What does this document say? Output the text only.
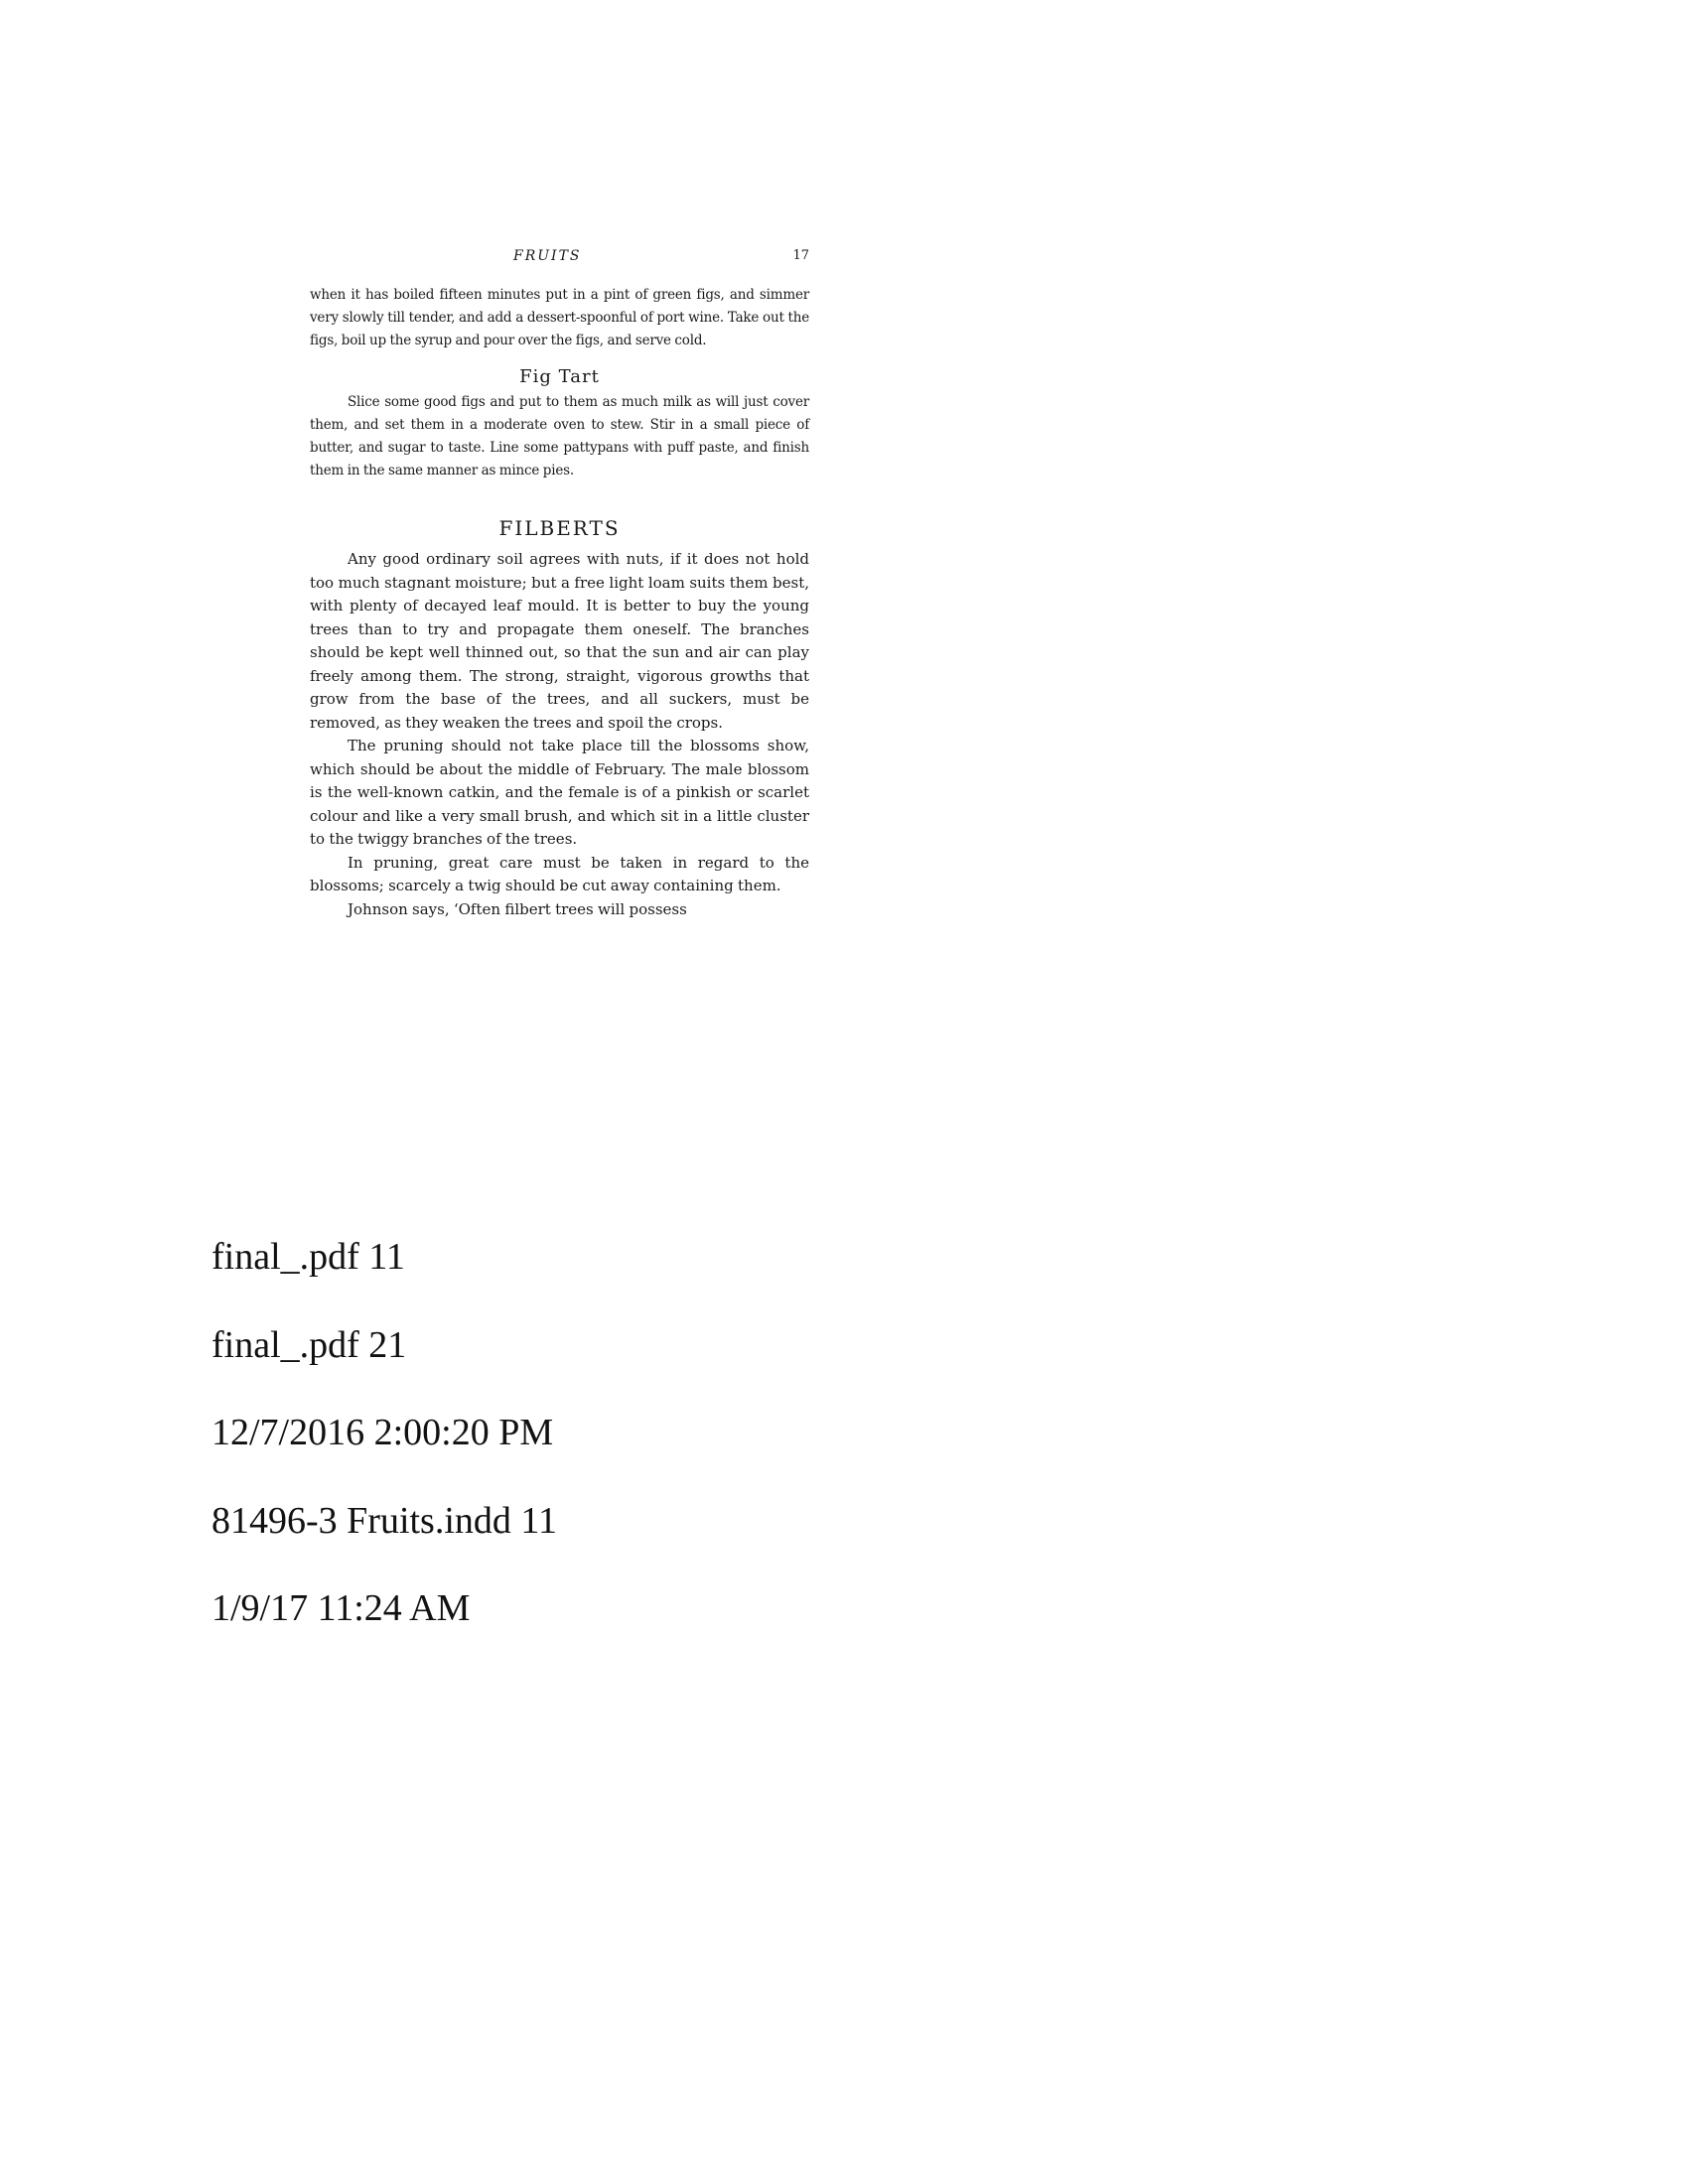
FRUITS	17

when it has boiled fifteen minutes put in a pint of green figs, and simmer very slowly till tender, and add a dessert-spoonful of port wine. Take out the figs, boil up the syrup and pour over the figs, and serve cold.

Fig Tart

Slice some good figs and put to them as much milk as will just cover them, and set them in a moderate oven to stew. Stir in a small piece of butter, and sugar to taste. Line some pattypans with puff paste, and finish them in the same manner as mince pies.

FILBERTS

Any good ordinary soil agrees with nuts, if it does not hold too much stagnant moisture; but a free light loam suits them best, with plenty of decayed leaf mould. It is better to buy the young trees than to try and propagate them oneself. The branches should be kept well thinned out, so that the sun and air can play freely among them. The strong, straight, vigorous growths that grow from the base of the trees, and all suckers, must be removed, as they weaken the trees and spoil the crops.

The pruning should not take place till the blossoms show, which should be about the middle of February. The male blossom is the well-known catkin, and the female is of a pinkish or scarlet colour and like a very small brush, and which sit in a little cluster to the twiggy branches of the trees.

In pruning, great care must be taken in regard to the blossoms; scarcely a twig should be cut away containing them.

Johnson says, ‘Often filbert trees will possess

final_.pdf 11
final_.pdf 21
12/7/2016 2:00:20 PM
81496-3 Fruits.indd 11
1/9/17 11:24 AM
